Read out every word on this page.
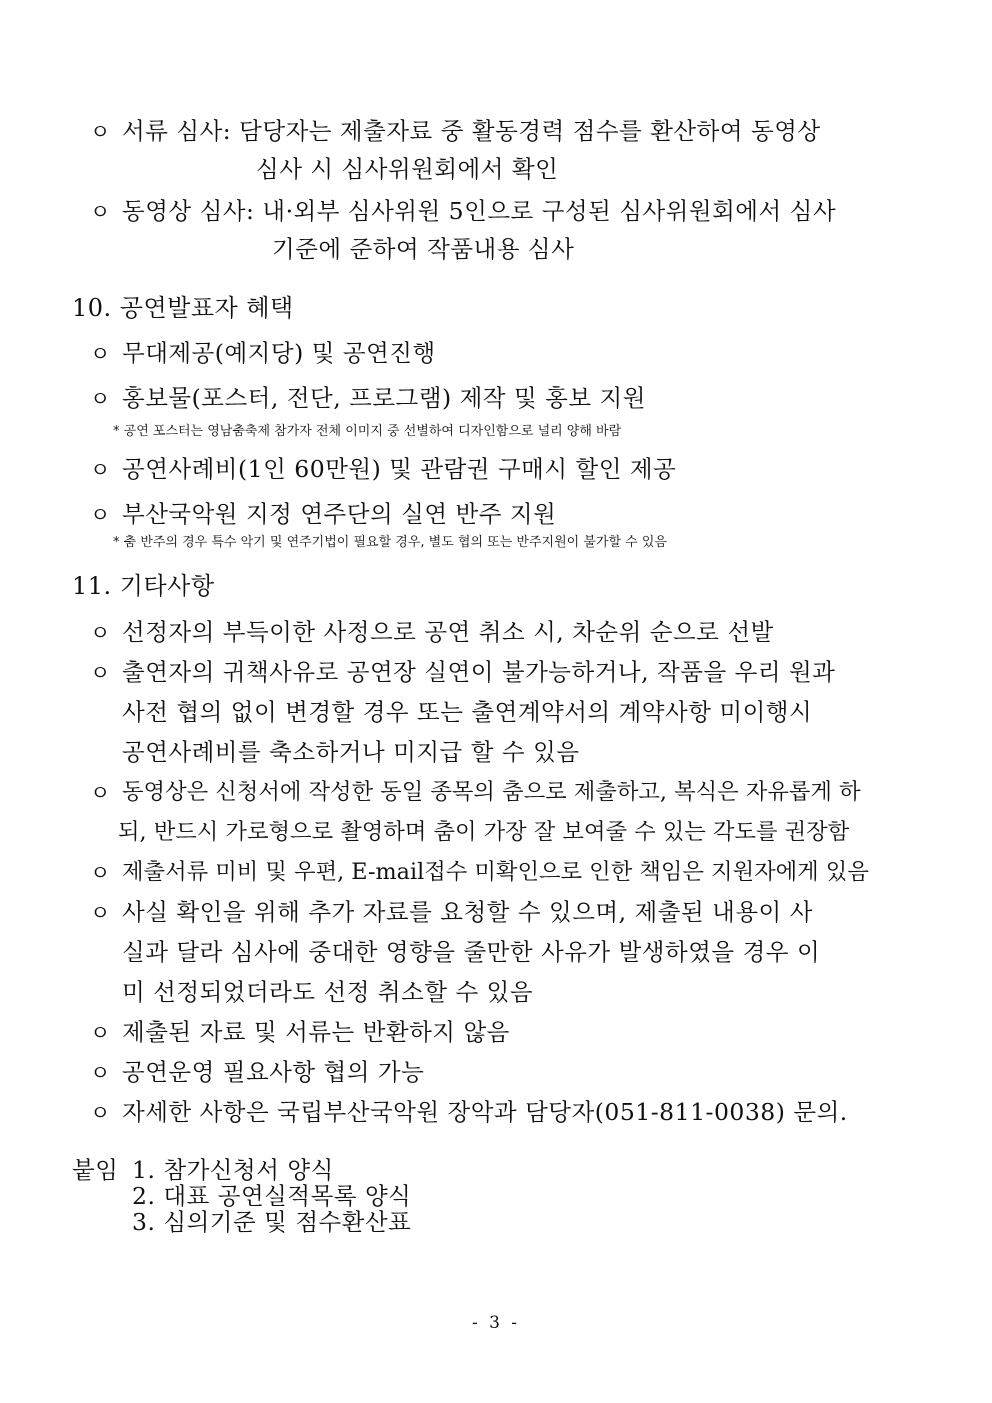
ㅇ 서류 심사: 담당자는 제출자료 중 활동경력 점수를 환산하여 동영상
심사 시 심사위원회에서 확인
ㅇ 동영상 심사: 내·외부 심사위원 5인으로 구성된 심사위원회에서 심사
기준에 준하여 작품내용 심사
10. 공연발표자 혜택
ㅇ 무대제공(예지당) 및 공연진행
ㅇ 홍보물(포스터, 전단, 프로그램) 제작 및 홍보 지원
* 공연 포스터는 영남춤축제 참가자 전체 이미지 중 선별하여 디자인함으로 널리 양해 바람
ㅇ 공연사례비(1인 60만원) 및 관람권 구매시 할인 제공
ㅇ 부산국악원 지정 연주단의 실연 반주 지원
* 춤 반주의 경우 특수 악기 및 연주기법이 필요할 경우, 별도 협의 또는 반주지원이 불가할 수 있음
11. 기타사항
ㅇ 선정자의 부득이한 사정으로 공연 취소 시, 차순위 순으로 선발
ㅇ 출연자의 귀책사유로 공연장 실연이 불가능하거나, 작품을 우리 원과
사전 협의 없이 변경할 경우 또는 출연계약서의 계약사항 미이행시
공연사례비를 축소하거나 미지급 할 수 있음
ㅇ 동영상은 신청서에 작성한 동일 종목의 춤으로 제출하고, 복식은 자유롭게 하
되, 반드시 가로형으로 촬영하며 춤이 가장 잘 보여줄 수 있는 각도를 권장함
ㅇ 제출서류 미비 및 우편, E-mail접수 미확인으로 인한 책임은 지원자에게 있음
ㅇ 사실 확인을 위해 추가 자료를 요청할 수 있으며, 제출된 내용이 사
실과 달라 심사에 중대한 영향을 줄만한 사유가 발생하였을 경우 이
미 선정되었더라도 선정 취소할 수 있음
ㅇ 제출된 자료 및 서류는 반환하지 않음
ㅇ 공연운영 필요사항 협의 가능
ㅇ 자세한 사항은 국립부산국악원 장악과 담당자(051-811-0038) 문의.
붙임 1. 참가신청서 양식
2. 대표 공연실적목록 양식
3. 심의기준 및 점수환산표
- 3 -
